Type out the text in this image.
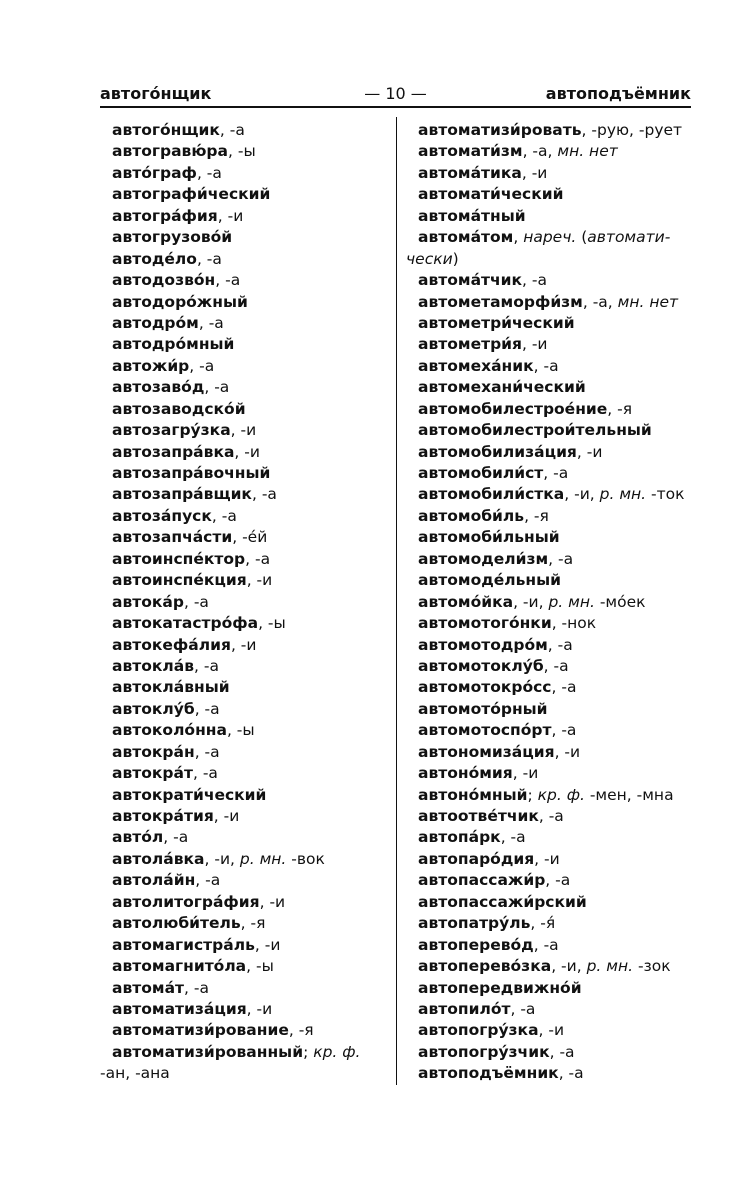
автого́нщик	— 10 —	автоподъёмник
автого́нщик, -а
автогравю́ра, -ы
авто́граф, -а
автографи́ческий
автогра́фия, -и
автогрузово́й
автоде́ло, -а
автодозво́н, -а
автодоро́жный
автодро́м, -а
автодро́мный
автожи́р, -а
автозаво́д, -а
автозаводско́й
автозагру́зка, -и
автозапра́вка, -и
автозапра́вочный
автозапра́вщик, -а
автоза́пуск, -а
автозапча́сти, -е́й
автоинспе́ктор, -а
автоинспе́кция, -и
автока́р, -а
автокатастро́фа, -ы
автокефа́лия, -и
автокла́в, -а
автокла́вный
автоклу́б, -а
автоколо́нна, -ы
автокра́н, -а
автокра́т, -а
автократи́ческий
автокра́тия, -и
авто́л, -а
автола́вка, -и, р. мн. -вок
автола́йн, -а
автолитогра́фия, -и
автолюби́тель, -я
автомагистра́ль, -и
автомагнито́ла, -ы
автома́т, -а
автоматиза́ция, -и
автоматизи́рование, -я
автоматизи́рованный; кр. ф.
-ан, -ана
автоматизи́ровать, -рую, -рует
автомати́зм, -а, мн. нет
автома́тика, -и
автомати́ческий
автома́тный
автома́том, нареч. (автомати-
чески)
автома́тчик, -а
автометаморфи́зм, -а, мн. нет
автометри́ческий
автометри́я, -и
автомеха́ник, -а
автомехани́ческий
автомобилестрое́ние, -я
автомобилестрои́тельный
автомобилиза́ция, -и
автомобили́ст, -а
автомобили́стка, -и, р. мн. -ток
автомоби́ль, -я
автомоби́льный
автомодели́зм, -а
автомоде́льный
автомо́йка, -и, р. мн. -мо́ек
автомотого́нки, -нок
автомотодро́м, -а
автомотоклу́б, -а
автомотокро́сс, -а
автомото́рный
автомотоспо́рт, -а
автономиза́ция, -и
автоно́мия, -и
автоно́мный; кр. ф. -мен, -мна
автоотве́тчик, -а
автопа́рк, -а
автопаро́дия, -и
автопассажи́р, -а
автопассажи́рский
автопатру́ль, -я́
автоперево́д, -а
автоперево́зка, -и, р. мн. -зок
автопередвижно́й
автопило́т, -а
автопогру́зка, -и
автопогру́зчик, -а
автоподъёмник, -а
